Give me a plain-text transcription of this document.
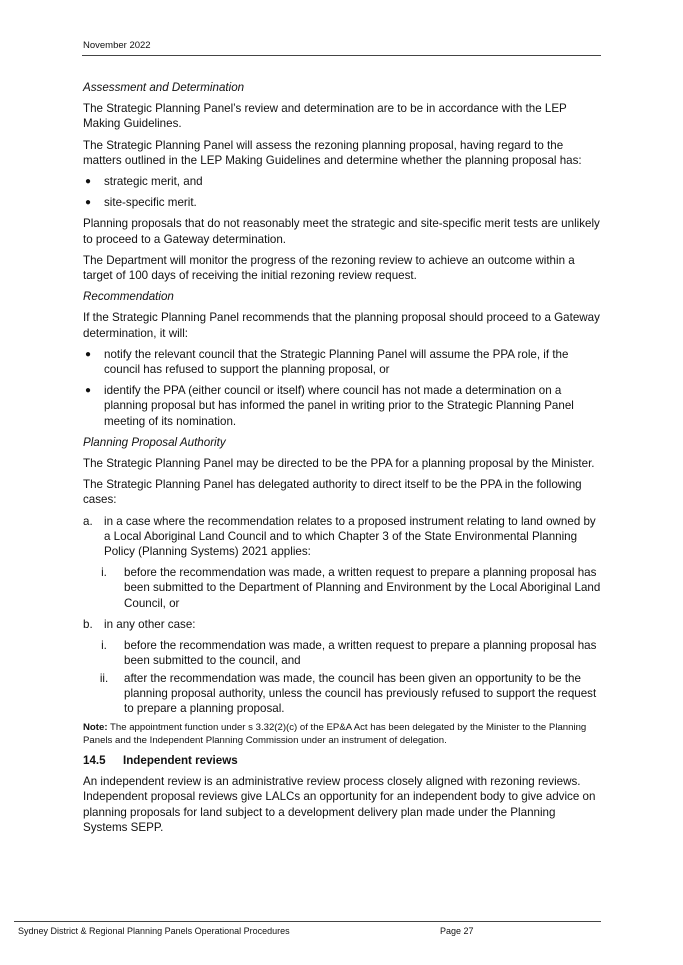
November 2022

Assessment and Determination

The Strategic Planning Panel’s review and determination are to be in accordance with the LEP Making Guidelines.

The Strategic Planning Panel will assess the rezoning planning proposal, having regard to the matters outlined in the LEP Making Guidelines and determine whether the planning proposal has:

● strategic merit, and
● site-specific merit.

Planning proposals that do not reasonably meet the strategic and site-specific merit tests are unlikely to proceed to a Gateway determination.

The Department will monitor the progress of the rezoning review to achieve an outcome within a target of 100 days of receiving the initial rezoning review request.

Recommendation

If the Strategic Planning Panel recommends that the planning proposal should proceed to a Gateway determination, it will:

● notify the relevant council that the Strategic Planning Panel will assume the PPA role, if the council has refused to support the planning proposal, or
● identify the PPA (either council or itself) where council has not made a determination on a planning proposal but has informed the panel in writing prior to the Strategic Planning Panel meeting of its nomination.

Planning Proposal Authority

The Strategic Planning Panel may be directed to be the PPA for a planning proposal by the Minister.

The Strategic Planning Panel has delegated authority to direct itself to be the PPA in the following cases:

a. in a case where the recommendation relates to a proposed instrument relating to land owned by a Local Aboriginal Land Council and to which Chapter 3 of the State Environmental Planning Policy (Planning Systems) 2021 applies:
i.	before the recommendation was made, a written request to prepare a planning proposal has been submitted to the Department of Planning and Environment by the Local Aboriginal Land Council, or
b. in any other case:
i.	before the recommendation was made, a written request to prepare a planning proposal has been submitted to the council, and
ii.	after the recommendation was made, the council has been given an opportunity to be the planning proposal authority, unless the council has previously refused to support the request to prepare a planning proposal.

Note: The appointment function under s 3.32(2)(c) of the EP&A Act has been delegated by the Minister to the Planning Panels and the Independent Planning Commission under an instrument of delegation.

14.5 Independent reviews

An independent review is an administrative review process closely aligned with rezoning reviews. Independent proposal reviews give LALCs an opportunity for an independent body to give advice on planning proposals for land subject to a development delivery plan made under the Planning Systems SEPP.

Sydney District & Regional Planning Panels Operational Procedures	Page 27
